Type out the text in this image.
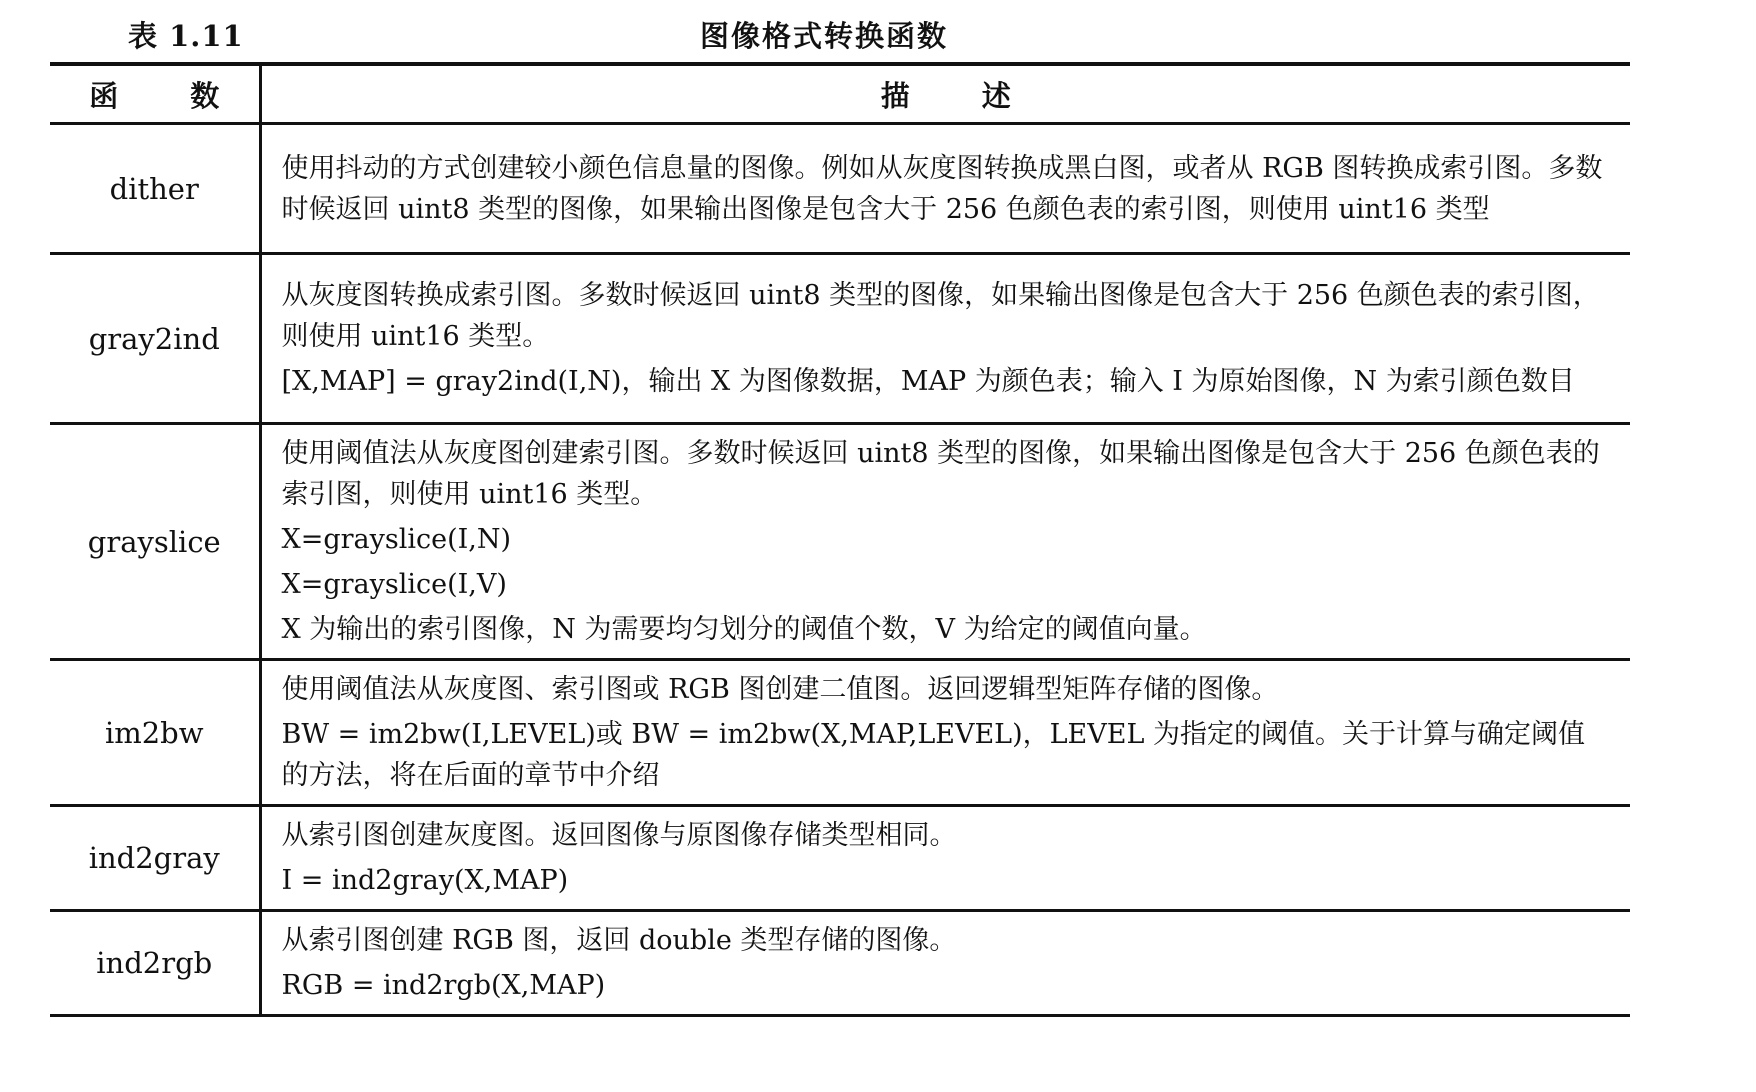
表 1.11	图像格式转换函数
函数	描述
dither	使用抖动的方式创建较小颜色信息量的图像。例如从灰度图转换成黑白图，或者从 RGB 图转换成索引图。多数时候返回 uint8 类型的图像，如果输出图像是包含大于 256 色颜色表的索引图，则使用 uint16 类型

gray2ind	从灰度图转换成索引图。多数时候返回 uint8 类型的图像，如果输出图像是包含大于 256 色颜色表的索引图，则使用 uint16 类型。

[X,MAP] = gray2ind(I,N)，输出 X 为图像数据，MAP 为颜色表；输入 I 为原始图像，N 为索引颜色数目

grayslice	使用阈值法从灰度图创建索引图。多数时候返回 uint8 类型的图像，如果输出图像是包含大于 256 色颜色表的索引图，则使用 uint16 类型。

X=grayslice(I,N)

X=grayslice(I,V)

X 为输出的索引图像，N 为需要均匀划分的阈值个数，V 为给定的阈值向量。

im2bw	使用阈值法从灰度图、索引图或 RGB 图创建二值图。返回逻辑型矩阵存储的图像。

BW = im2bw(I,LEVEL)或 BW = im2bw(X,MAP,LEVEL)，LEVEL 为指定的阈值。关于计算与确定阈值的方法，将在后面的章节中介绍

ind2gray	从索引图创建灰度图。返回图像与原图像存储类型相同。

I = ind2gray(X,MAP)

ind2rgb	从索引图创建 RGB 图，返回 double 类型存储的图像。

RGB = ind2rgb(X,MAP)
